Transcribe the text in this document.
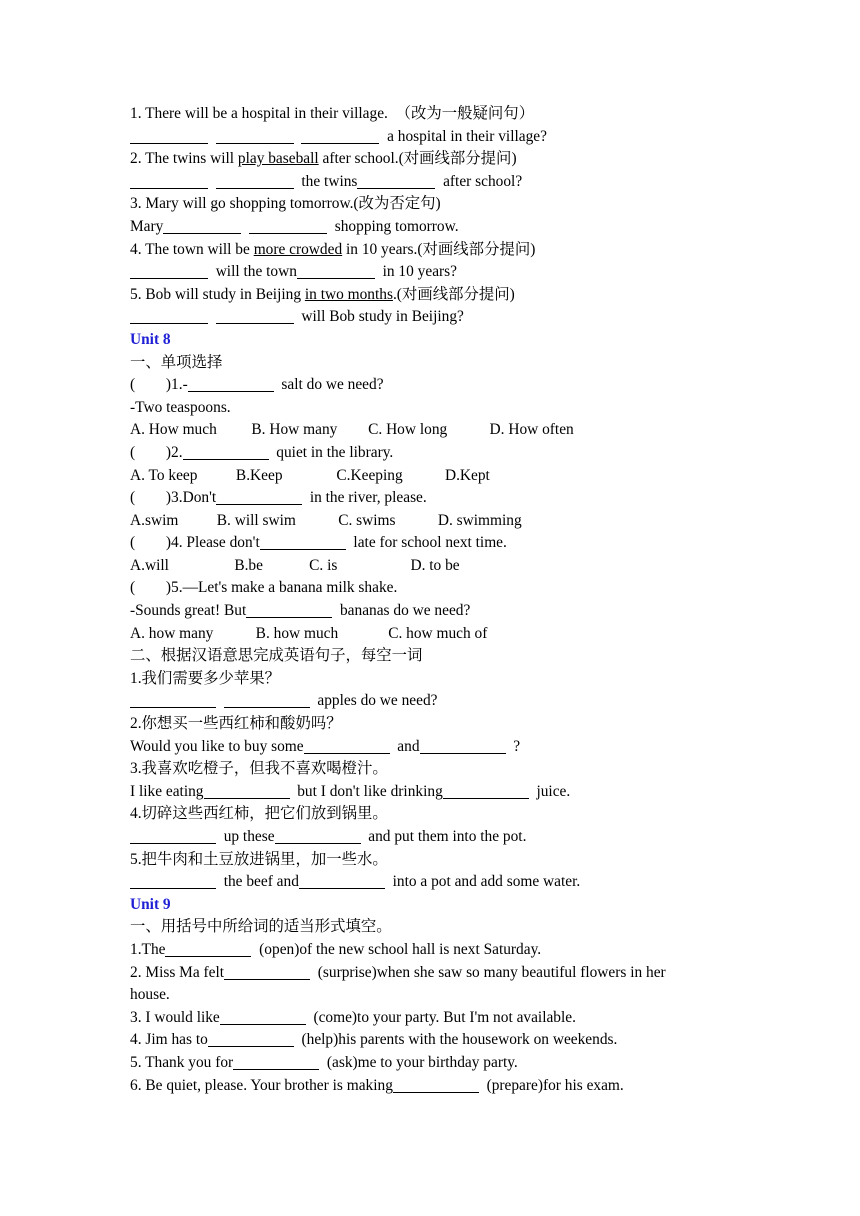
1. There will be a hospital in their village.  （改为一般疑问句）
a hospital in their village?
2. The twins will play baseball after school.(对画线部分提问)
the twins	after school?
3. Mary will go shopping tomorrow.(改为否定句)
Mary	shopping tomorrow.
4. The town will be more crowded in 10 years.(对画线部分提问)
will the town	in 10 years?
5. Bob will study in Beijing in two months.(对画线部分提问)
will Bob study in Beijing?
Unit 8
一、单项选择
(        )1.-	salt do we need?
-Two teaspoons.
A. How much         B. How many        C. How long           D. How often
(        )2.	quiet in the library.
A. To keep          B.Keep              C.Keeping           D.Kept
(        )3.Don't	in the river, please.
A.swim          B. will swim           C. swims           D. swimming
(        )4. Please don't	late for school next time.
A.will                 B.be            C. is                   D. to be
(        )5.—Let's make a banana milk shake.
-Sounds great! But	bananas do we need?
A. how many           B. how much             C. how much of
二、根据汉语意思完成英语句子，每空一词
1.我们需要多少苹果？
apples do we need?
2.你想买一些西红柿和酸奶吗？
Would you like to buy some	and	?
3.我喜欢吃橙子，但我不喜欢喝橙汁。
I like eating	but I don't like drinking	juice.
4.切碎这些西红柿，把它们放到锅里。
up these	and put them into the pot.
5.把牛肉和土豆放进锅里，加一些水。
the beef and	into a pot and add some water.
Unit 9
一、用括号中所给词的适当形式填空。
1.The	(open)of the new school hall is next Saturday.
2. Miss Ma felt	(surprise)when she saw so many beautiful flowers in her
house.
3. I would like	(come)to your party. But I'm not available.
4. Jim has to	(help)his parents with the housework on weekends.
5. Thank you for	(ask)me to your birthday party.
6. Be quiet, please. Your brother is making	(prepare)for his exam.
